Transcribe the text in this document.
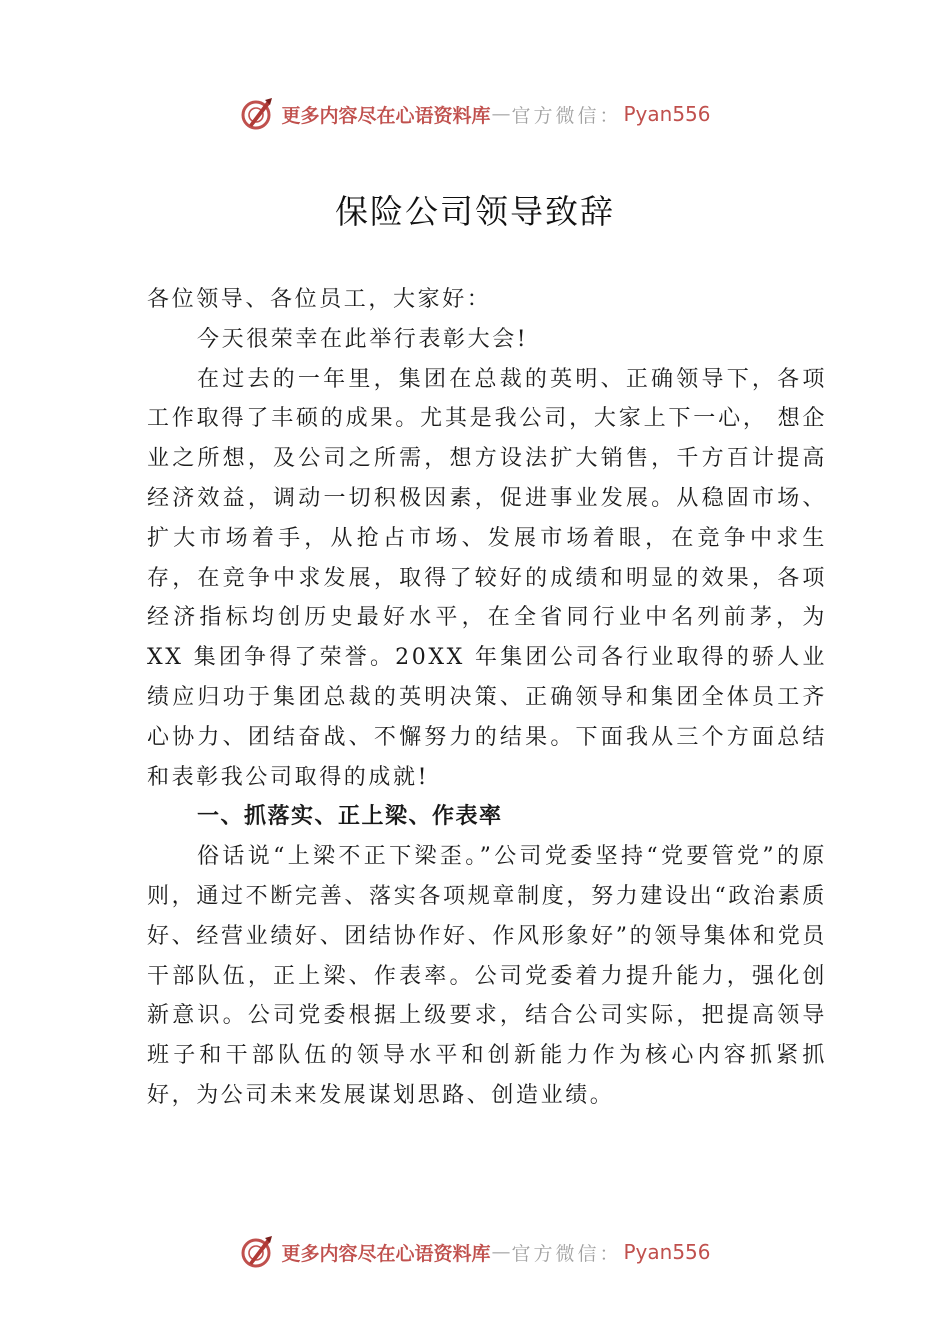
更多内容尽在心语资料库 — 官方微信： Pyan556
保险公司领导致辞

各位领导、各位员工，大家好：

今天很荣幸在此举行表彰大会!

在过去的一年里，集团在总裁的英明、正确领导下，各项工作取得了丰硕的成果。尤其是我公司，大家上下一心， 想企业之所想，及公司之所需，想方设法扩大销售，千方百计提高经济效益，调动一切积极因素，促进事业发展。从稳固市场、扩大市场着手，从抢占市场、发展市场着眼，在竞争中求生存，在竞争中求发展，取得了较好的成绩和明显的效果，各项经济指标均创历史最好水平，在全省同行业中名列前茅，为 XX 集团争得了荣誉。20XX 年集团公司各行业取得的骄人业绩应归功于集团总裁的英明决策、正确领导和集团全体员工齐心协力、团结奋战、不懈努力的结果。下面我从三个方面总结和表彰我公司取得的成就!

一、抓落实、正上梁、作表率

俗话说“上梁不正下梁歪。”公司党委坚持“党要管党”的原则，通过不断完善、落实各项规章制度，努力建设出“政治素质好、经营业绩好、团结协作好、作风形象好”的领导集体和党员干部队伍，正上梁、作表率。公司党委着力提升能力，强化创新意识。公司党委根据上级要求，结合公司实际，把提高领导班子和干部队伍的领导水平和创新能力作为核心内容抓紧抓好，为公司未来发展谋划思路、创造业绩。

更多内容尽在心语资料库 — 官方微信： Pyan556
